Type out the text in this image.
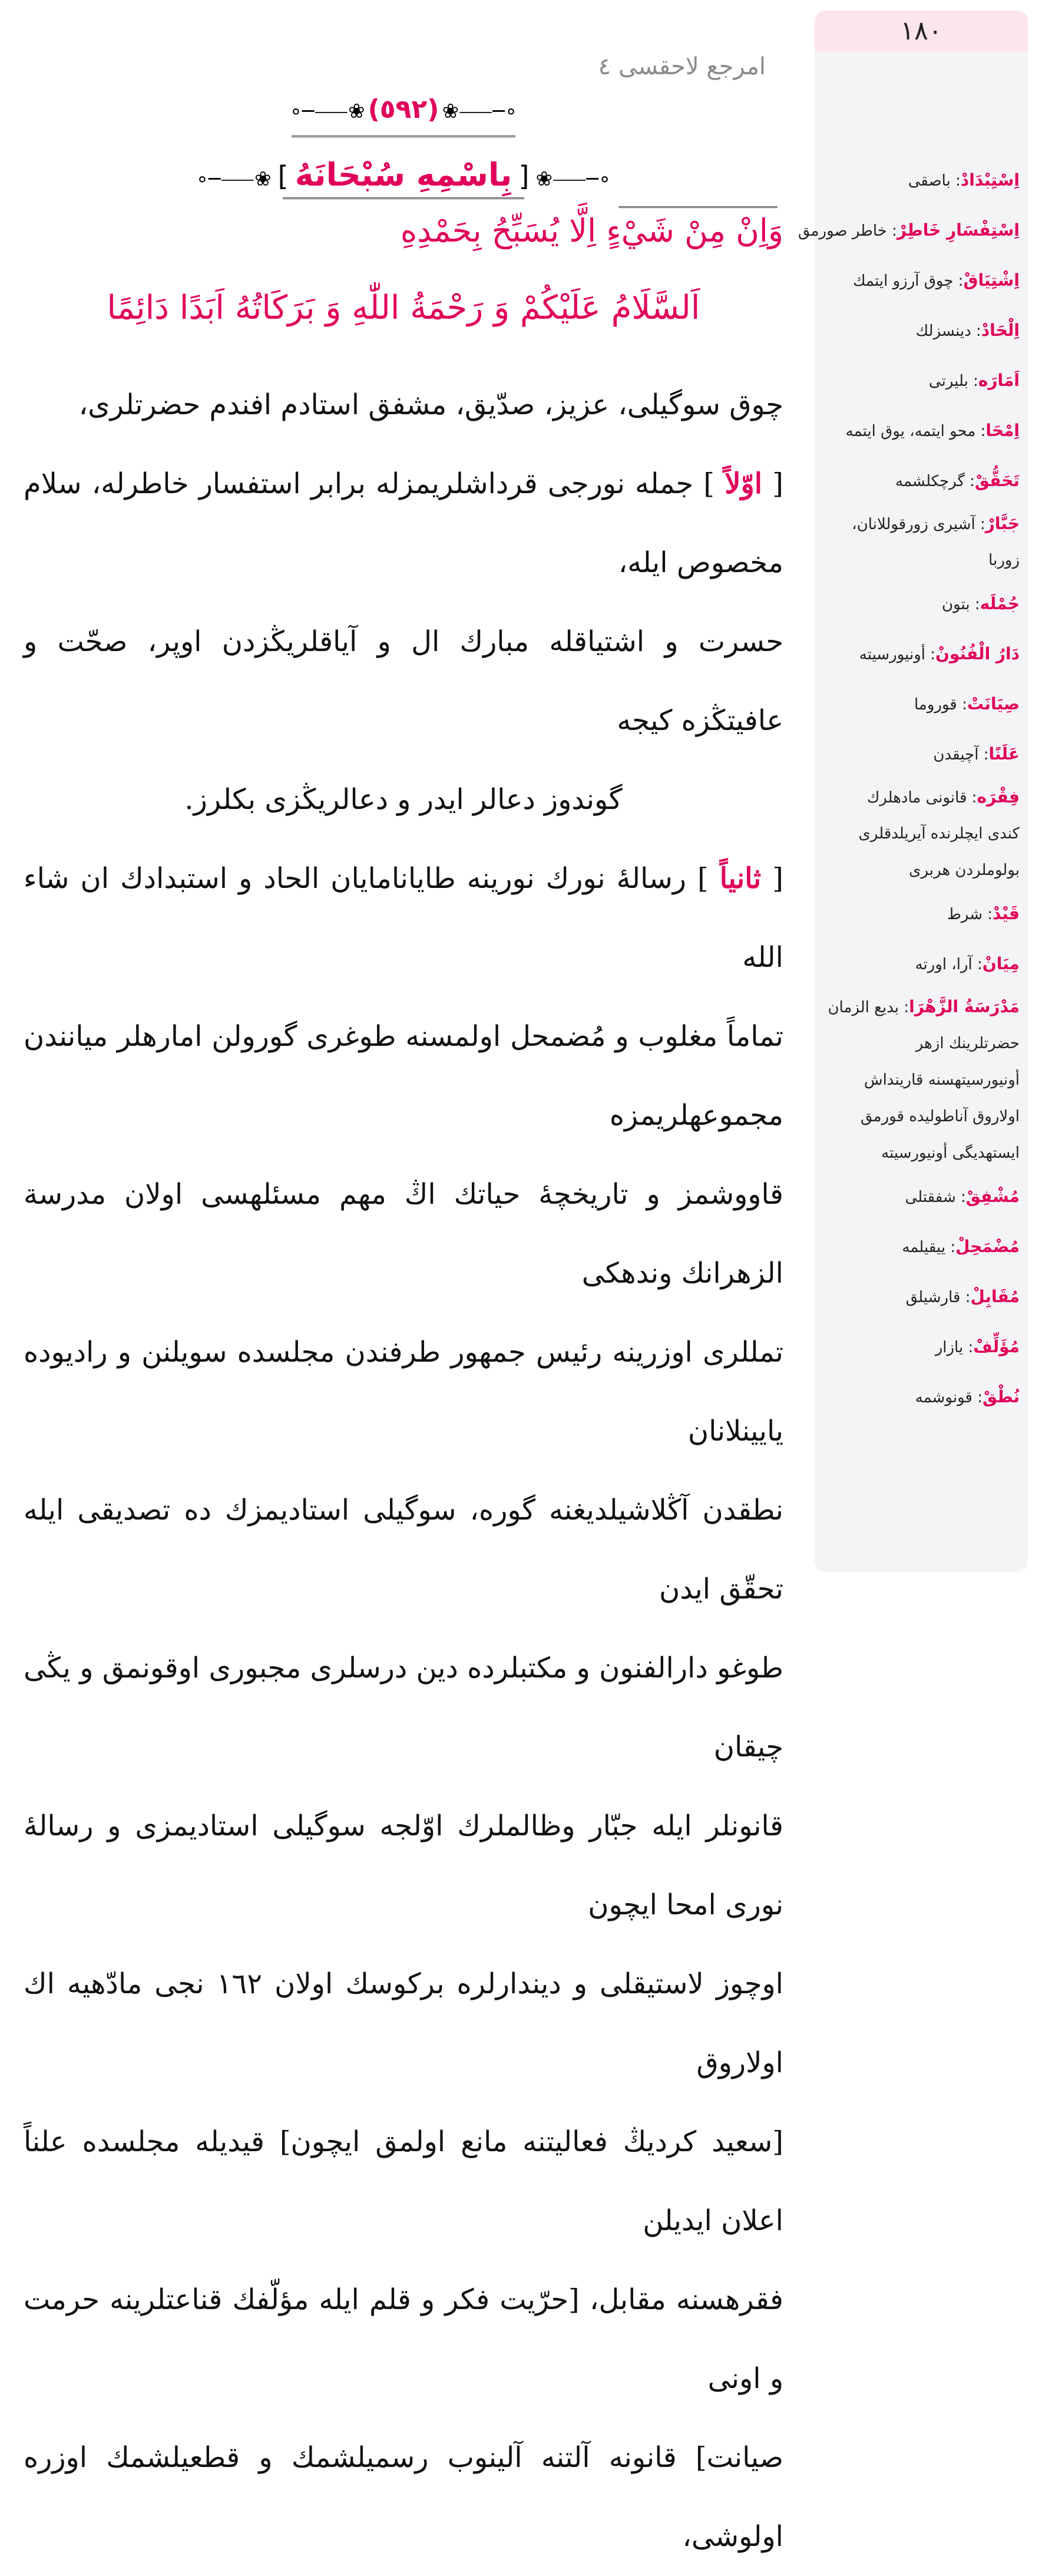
امرجع لاحقسی ٤
∘─⸺❀ (٥٩٢) ❀⸺─∘
∘─⸺❀ [ بِاسْمِهِ سُبْحَانَهُ ] ❀⸺─∘
وَاِنْ مِنْ شَيْءٍ اِلَّا يُسَبِّحُ بِحَمْدِهِ
اَلسَّلَامُ عَلَيْكُمْ وَ رَحْمَةُ اللّٰهِ وَ بَرَكَاتُهُ اَبَدًا دَائِمًا

چوق سوگيلى، عزيز، صدّيق، مشفق استادم افندم حضرتلرى،

[ اوّلاً ] جمله نورجى قرداشلريمزله برابر استفسار خاطرله، سلام مخصوص ايله،

حسرت و اشتياقله مبارك ال و آياقلريڭزدن اوپر، صحّت و عافيتڭزه كيجه

گوندوز دعالر ايدر و دعالريڭزى بكلرز.

[ ثانياً ] رسالهٔ نورك نورينه طايانامايان الحاد و استبدادك ان شاء الله

تماماً مغلوب و مُضمحل اولمسنه طوغرى گورولن امارهلر ميانندن مجموعهلريمزه

قاووشمز و تاريخچهٔ حياتك اڭ مهم مسئلهسى اولان مدرسة الزهرانك وندهكى

تمللرى اوزرينه رئيس جمهور طرفندن مجلسده سويلنن و راديوده يايينلانان

نطقدن آڭلاشيلديغنه گوره، سوگيلى استاديمزك ده تصديقى ايله تحقّق ايدن

طوغو دارالفنون و مكتبلرده دين درسلرى مجبورى اوقونمق و يڭى چيقان

قانونلر ايله جبّار وظالملرك اوّلجه سوگيلى استاديمزى و رسالهٔ نورى امحا ايچون

اوچوز لاستيقلى و ديندارلره بركوسك اولان ١٦٢ نجى مادّهيه اك اولاروق

[سعيد كرديڭ فعاليتنه مانع اولمق ايچون] قيديله مجلسده علناً اعلان ايديلن

فقرهسنه مقابل، [حرّيت فكر و قلم ايله مؤلّفك قناعتلرينه حرمت و اونى

صيانت] قانونه آلتنه آلينوب رسميلشمك و قطعيلشمك اوزره اولوشى،

۱۸۰
اِسْتِبْدَادْ: باصقى
اِسْتِفْسَارِ خَاطِرْ: خاطر صورمق
اِشْتِيَاقْ: چوق آرزو ايتمك
اِلْحَادْ: دينسزلك
اَمَارَه: بليرتى
اِمْحَا: محو ايتمه، يوق ايتمه
تَحَقُّقْ: گرچكلشمه
جَبَّارْ: آشيرى زورقوللانان،
زوربا
جُمْلَه: بتون
دَارُ الْفُنُونْ: أونيورسيته
صِيَانَتْ: قوروما
عَلَنًا: آچيقدن
فِقْرَه: قانونى مادهلرك
كندى ايچلرنده آيريلدقلرى
بولوملردن هربرى
قَيْدْ: شرط
مِيَانْ: آرا، اورته
مَدْرَسَةُ الزَّهْرَا: بديع الزمان
حضرتلرينك ازهر
أونيورسيتهسنه قارينداش
اولاروق آناطوليده قورمق
ايستهديگى أونيورسيته
مُشْفِقْ: شفقتلى
مُضْمَحِلْ: ييقيلمه
مُقَابِلْ: قارشيلق
مُؤَلِّفْ: يازار
نُطْقْ: قونوشمه
